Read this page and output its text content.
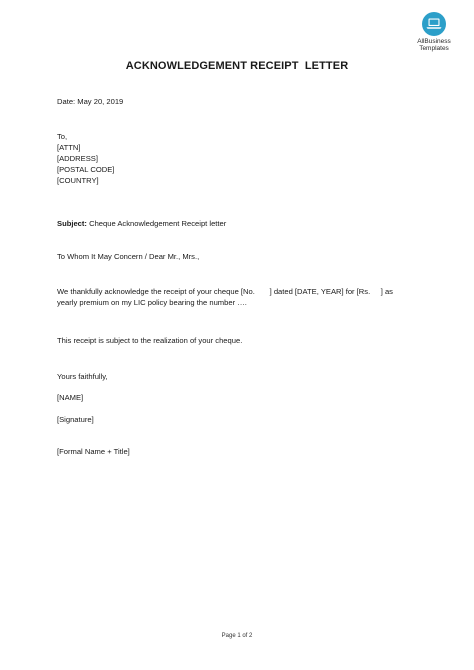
AllBusiness
Templates
ACKNOWLEDGEMENT RECEIPT  LETTER
Date: May 20, 2019
To,
[ATTN]
[ADDRESS]
[POSTAL CODE]
[COUNTRY]
Subject: Cheque Acknowledgement Receipt letter
To Whom It May Concern / Dear Mr., Mrs.,
We thankfully acknowledge the receipt of your cheque [No.       ] dated [DATE, YEAR] for [Rs.     ] as
yearly premium on my LIC policy bearing the number ….
This receipt is subject to the realization of your cheque.
Yours faithfully,
[NAME]
[Signature]
[Formal Name + Title]
Page 1 of 2
